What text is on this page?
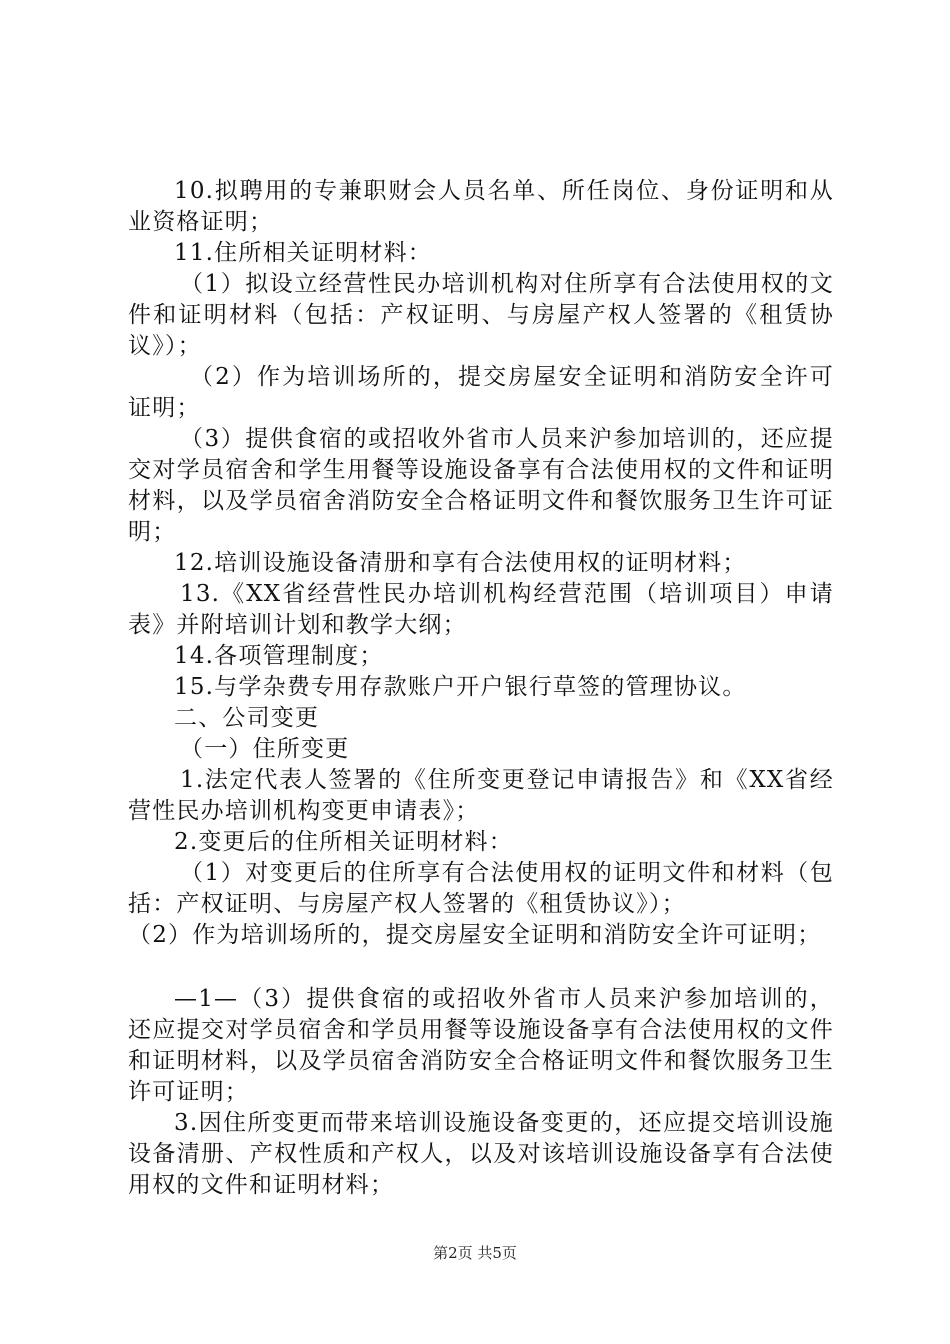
10.拟聘用的专兼职财会人员名单、所任岗位、身份证明和从业资格证明；

11.住所相关证明材料：

（1）拟设立经营性民办培训机构对住所享有合法使用权的文件和证明材料（包括：产权证明、与房屋产权人签署的《租赁协议》）；

（2）作为培训场所的，提交房屋安全证明和消防安全许可证明；

（3）提供食宿的或招收外省市人员来沪参加培训的，还应提交对学员宿舍和学生用餐等设施设备享有合法使用权的文件和证明材料，以及学员宿舍消防安全合格证明文件和餐饮服务卫生许可证明；

12.培训设施设备清册和享有合法使用权的证明材料；

13.《XX省经营性民办培训机构经营范围（培训项目）申请表》并附培训计划和教学大纲；

14.各项管理制度；

15.与学杂费专用存款账户开户银行草签的管理协议。

二、公司变更

（一）住所变更

1.法定代表人签署的《住所变更登记申请报告》和《XX省经营性民办培训机构变更申请表》；

2.变更后的住所相关证明材料：

（1）对变更后的住所享有合法使用权的证明文件和材料（包括：产权证明、与房屋产权人签署的《租赁协议》）；

（2）作为培训场所的，提交房屋安全证明和消防安全许可证明；

—1—（3）提供食宿的或招收外省市人员来沪参加培训的，还应提交对学员宿舍和学员用餐等设施设备享有合法使用权的文件和证明材料，以及学员宿舍消防安全合格证明文件和餐饮服务卫生许可证明；

3.因住所变更而带来培训设施设备变更的，还应提交培训设施设备清册、产权性质和产权人，以及对该培训设施设备享有合法使用权的文件和证明材料；

第2页 共5页
